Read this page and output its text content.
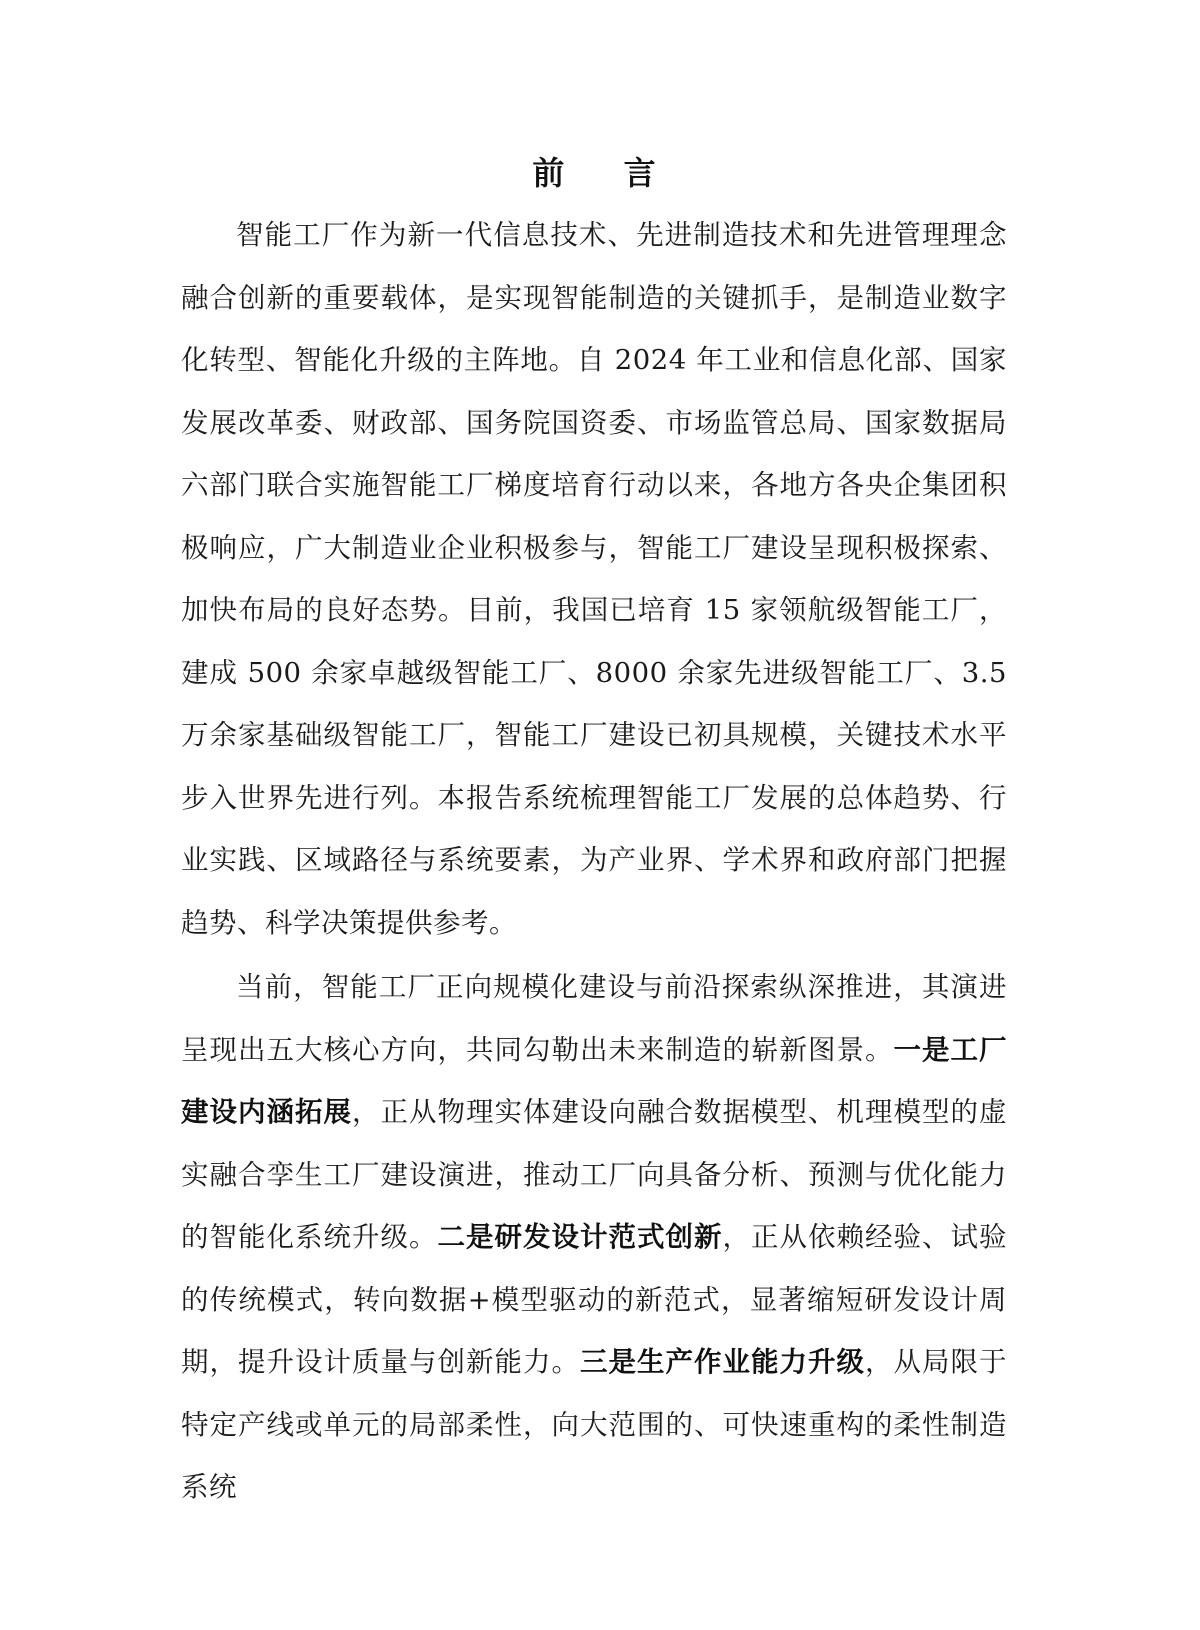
前 言

智能工厂作为新一代信息技术、先进制造技术和先进管理理念融合创新的重要载体，是实现智能制造的关键抓手，是制造业数字化转型、智能化升级的主阵地。自 2024 年工业和信息化部、国家发展改革委、财政部、国务院国资委、市场监管总局、国家数据局六部门联合实施智能工厂梯度培育行动以来，各地方各央企集团积极响应，广大制造业企业积极参与，智能工厂建设呈现积极探索、加快布局的良好态势。目前，我国已培育 15 家领航级智能工厂，建成 500 余家卓越级智能工厂、8000 余家先进级智能工厂、3.5 万余家基础级智能工厂，智能工厂建设已初具规模，关键技术水平步入世界先进行列。本报告系统梳理智能工厂发展的总体趋势、行业实践、区域路径与系统要素，为产业界、学术界和政府部门把握趋势、科学决策提供参考。

当前，智能工厂正向规模化建设与前沿探索纵深推进，其演进呈现出五大核心方向，共同勾勒出未来制造的崭新图景。一是工厂建设内涵拓展，正从物理实体建设向融合数据模型、机理模型的虚实融合孪生工厂建设演进，推动工厂向具备分析、预测与优化能力的智能化系统升级。二是研发设计范式创新，正从依赖经验、试验的传统模式，转向数据+模型驱动的新范式，显著缩短研发设计周期，提升设计质量与创新能力。三是生产作业能力升级，从局限于特定产线或单元的局部柔性，向大范围的、可快速重构的柔性制造系统
